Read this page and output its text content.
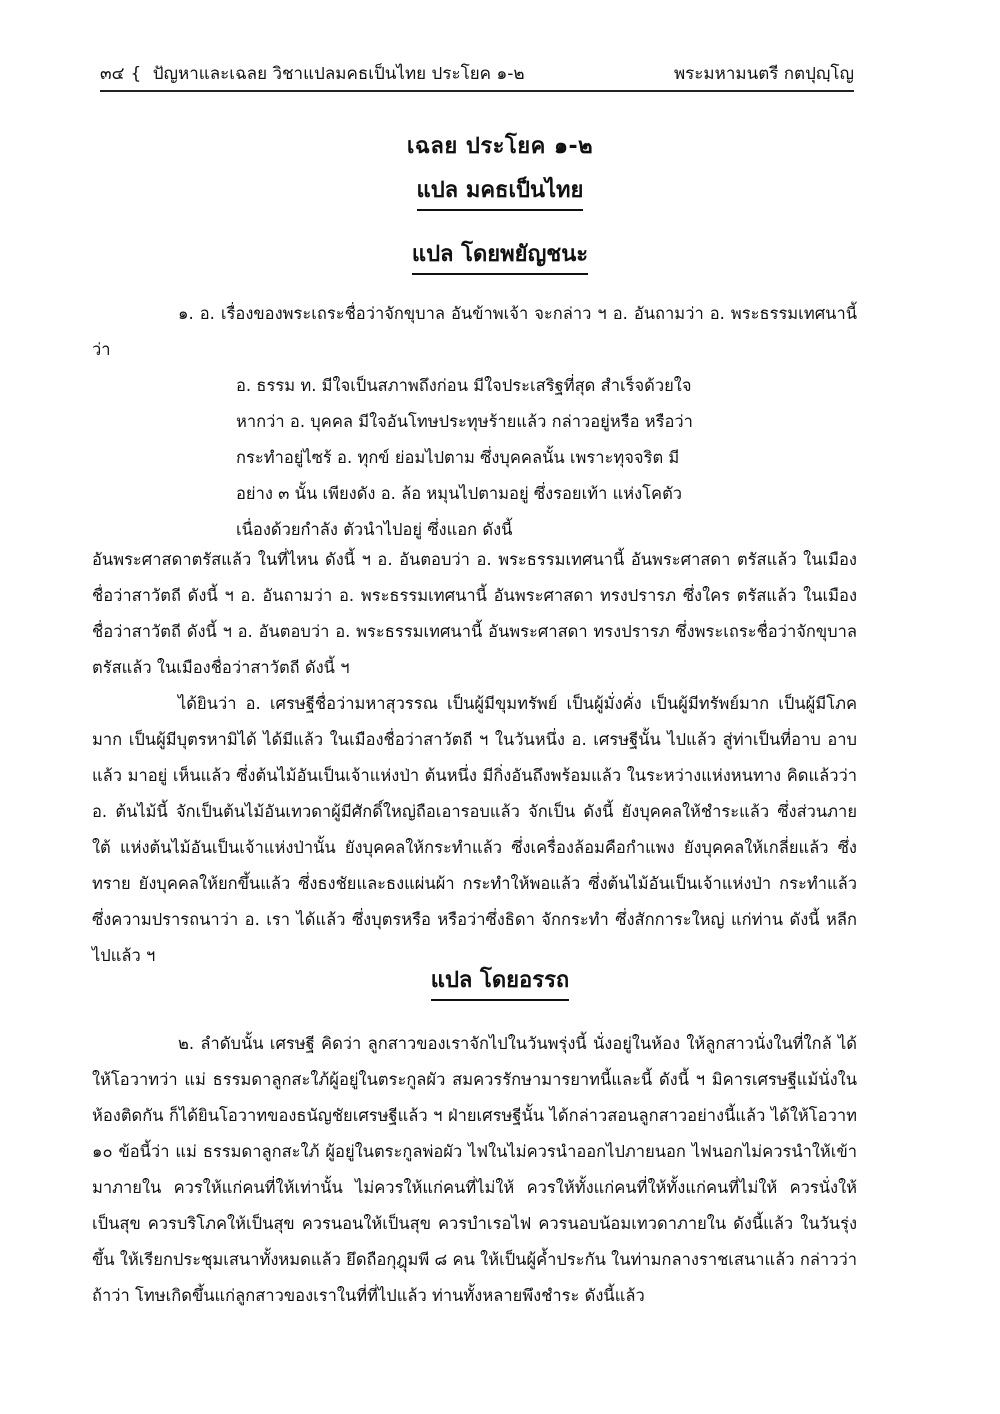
๓๔ { ปัญหาและเฉลย วิชาแปลมคธเป็นไทย ประโยค ๑-๒	พระมหามนตรี กตปุญฺโญ
เฉลย ประโยค ๑-๒
แปล มคธเป็นไทย
แปล โดยพยัญชนะ

๑. อ. เรื่องของพระเถระชื่อว่าจักขุบาล อันข้าพเจ้า จะกล่าว ฯ อ. อันถามว่า อ. พระธรรมเทศนานี้ว่า

อ. ธรรม ท. มีใจเป็นสภาพถึงก่อน มีใจประเสริฐที่สุด สำเร็จด้วยใจ
หากว่า อ. บุคคล มีใจอันโทษประทุษร้ายแล้ว กล่าวอยู่หรือ หรือว่า
กระทำอยู่ไซร้ อ. ทุกข์ ย่อมไปตาม ซึ่งบุคคลนั้น เพราะทุจจริต มี
อย่าง ๓ นั้น เพียงดัง อ. ล้อ หมุนไปตามอยู่ ซึ่งรอยเท้า แห่งโคตัว
เนื่องด้วยกำลัง ตัวนำไปอยู่ ซึ่งแอก ดังนี้

อันพระศาสดาตรัสแล้ว ในที่ไหน ดังนี้ ฯ อ. อันตอบว่า อ. พระธรรมเทศนานี้ อันพระศาสดา ตรัสแล้ว ในเมืองชื่อว่าสาวัตถี ดังนี้ ฯ อ. อันถามว่า อ. พระธรรมเทศนานี้ อันพระศาสดา ทรงปรารภ ซึ่งใคร ตรัสแล้ว ในเมืองชื่อว่าสาวัตถี ดังนี้ ฯ อ. อันตอบว่า อ. พระธรรมเทศนานี้ อันพระศาสดา ทรงปรารภ ซึ่งพระเถระชื่อว่าจักขุบาล ตรัสแล้ว ในเมืองชื่อว่าสาวัตถี ดังนี้ ฯ

ได้ยินว่า อ. เศรษฐีชื่อว่ามหาสุวรรณ เป็นผู้มีขุมทรัพย์ เป็นผู้มั่งคั่ง เป็นผู้มีทรัพย์มาก เป็นผู้มีโภคมาก เป็นผู้มีบุตรหามิได้ ได้มีแล้ว ในเมืองชื่อว่าสาวัตถี ฯ ในวันหนึ่ง อ. เศรษฐีนั้น ไปแล้ว สู่ท่าเป็นที่อาบ อาบแล้ว มาอยู่ เห็นแล้ว ซึ่งต้นไม้อันเป็นเจ้าแห่งป่า ต้นหนึ่ง มีกิ่งอันถึงพร้อมแล้ว ในระหว่างแห่งหนทาง คิดแล้วว่า อ. ต้นไม้นี้ จักเป็นต้นไม้อันเทวดาผู้มีศักดิ์ใหญ่ถือเอารอบแล้ว จักเป็น ดังนี้ ยังบุคคลให้ชำระแล้ว ซึ่งส่วนภายใต้ แห่งต้นไม้อันเป็นเจ้าแห่งป่านั้น ยังบุคคลให้กระทำแล้ว ซึ่งเครื่องล้อมคือกำแพง ยังบุคคลให้เกลี่ยแล้ว ซึ่งทราย ยังบุคคลให้ยกขึ้นแล้ว ซึ่งธงชัยและธงแผ่นผ้า กระทำให้พอแล้ว ซึ่งต้นไม้อันเป็นเจ้าแห่งป่า กระทำแล้ว ซึ่งความปรารถนาว่า อ. เรา ได้แล้ว ซึ่งบุตรหรือ หรือว่าซึ่งธิดา จักกระทำ ซึ่งสักการะใหญ่ แก่ท่าน ดังนี้ หลีกไปแล้ว ฯ

แปล โดยอรรถ

๒. ลำดับนั้น เศรษฐี คิดว่า ลูกสาวของเราจักไปในวันพรุ่งนี้ นั่งอยู่ในห้อง ให้ลูกสาวนั่งในที่ใกล้ ได้ให้โอวาทว่า แม่ ธรรมดาลูกสะใภ้ผู้อยู่ในตระกูลผัว สมควรรักษามารยาทนี้และนี้ ดังนี้ ฯ มิคารเศรษฐีแม้นั่งในห้องติดกัน ก็ได้ยินโอวาทของธนัญชัยเศรษฐีแล้ว ฯ ฝ่ายเศรษฐีนั้น ได้กล่าวสอนลูกสาวอย่างนี้แล้ว ได้ให้โอวาท ๑๐ ข้อนี้ว่า แม่ ธรรมดาลูกสะใภ้ ผู้อยู่ในตระกูลพ่อผัว ไฟในไม่ควรนำออกไปภายนอก ไฟนอกไม่ควรนำให้เข้ามาภายใน ควรให้แก่คนที่ให้เท่านั้น ไม่ควรให้แก่คนที่ไม่ให้ ควรให้ทั้งแก่คนที่ให้ทั้งแก่คนที่ไม่ให้ ควรนั่งให้เป็นสุข ควรบริโภคให้เป็นสุข ควรนอนให้เป็นสุข ควรบำเรอไฟ ควรนอบน้อมเทวดาภายใน ดังนี้แล้ว ในวันรุ่งขึ้น ให้เรียกประชุมเสนาทั้งหมดแล้ว ยึดถือกุฎุมพี ๘ คน ให้เป็นผู้ค้ำประกัน ในท่ามกลางราชเสนาแล้ว กล่าวว่า ถ้าว่า โทษเกิดขึ้นแก่ลูกสาวของเราในที่ที่ไปแล้ว ท่านทั้งหลายพึงชำระ ดังนี้แล้ว
